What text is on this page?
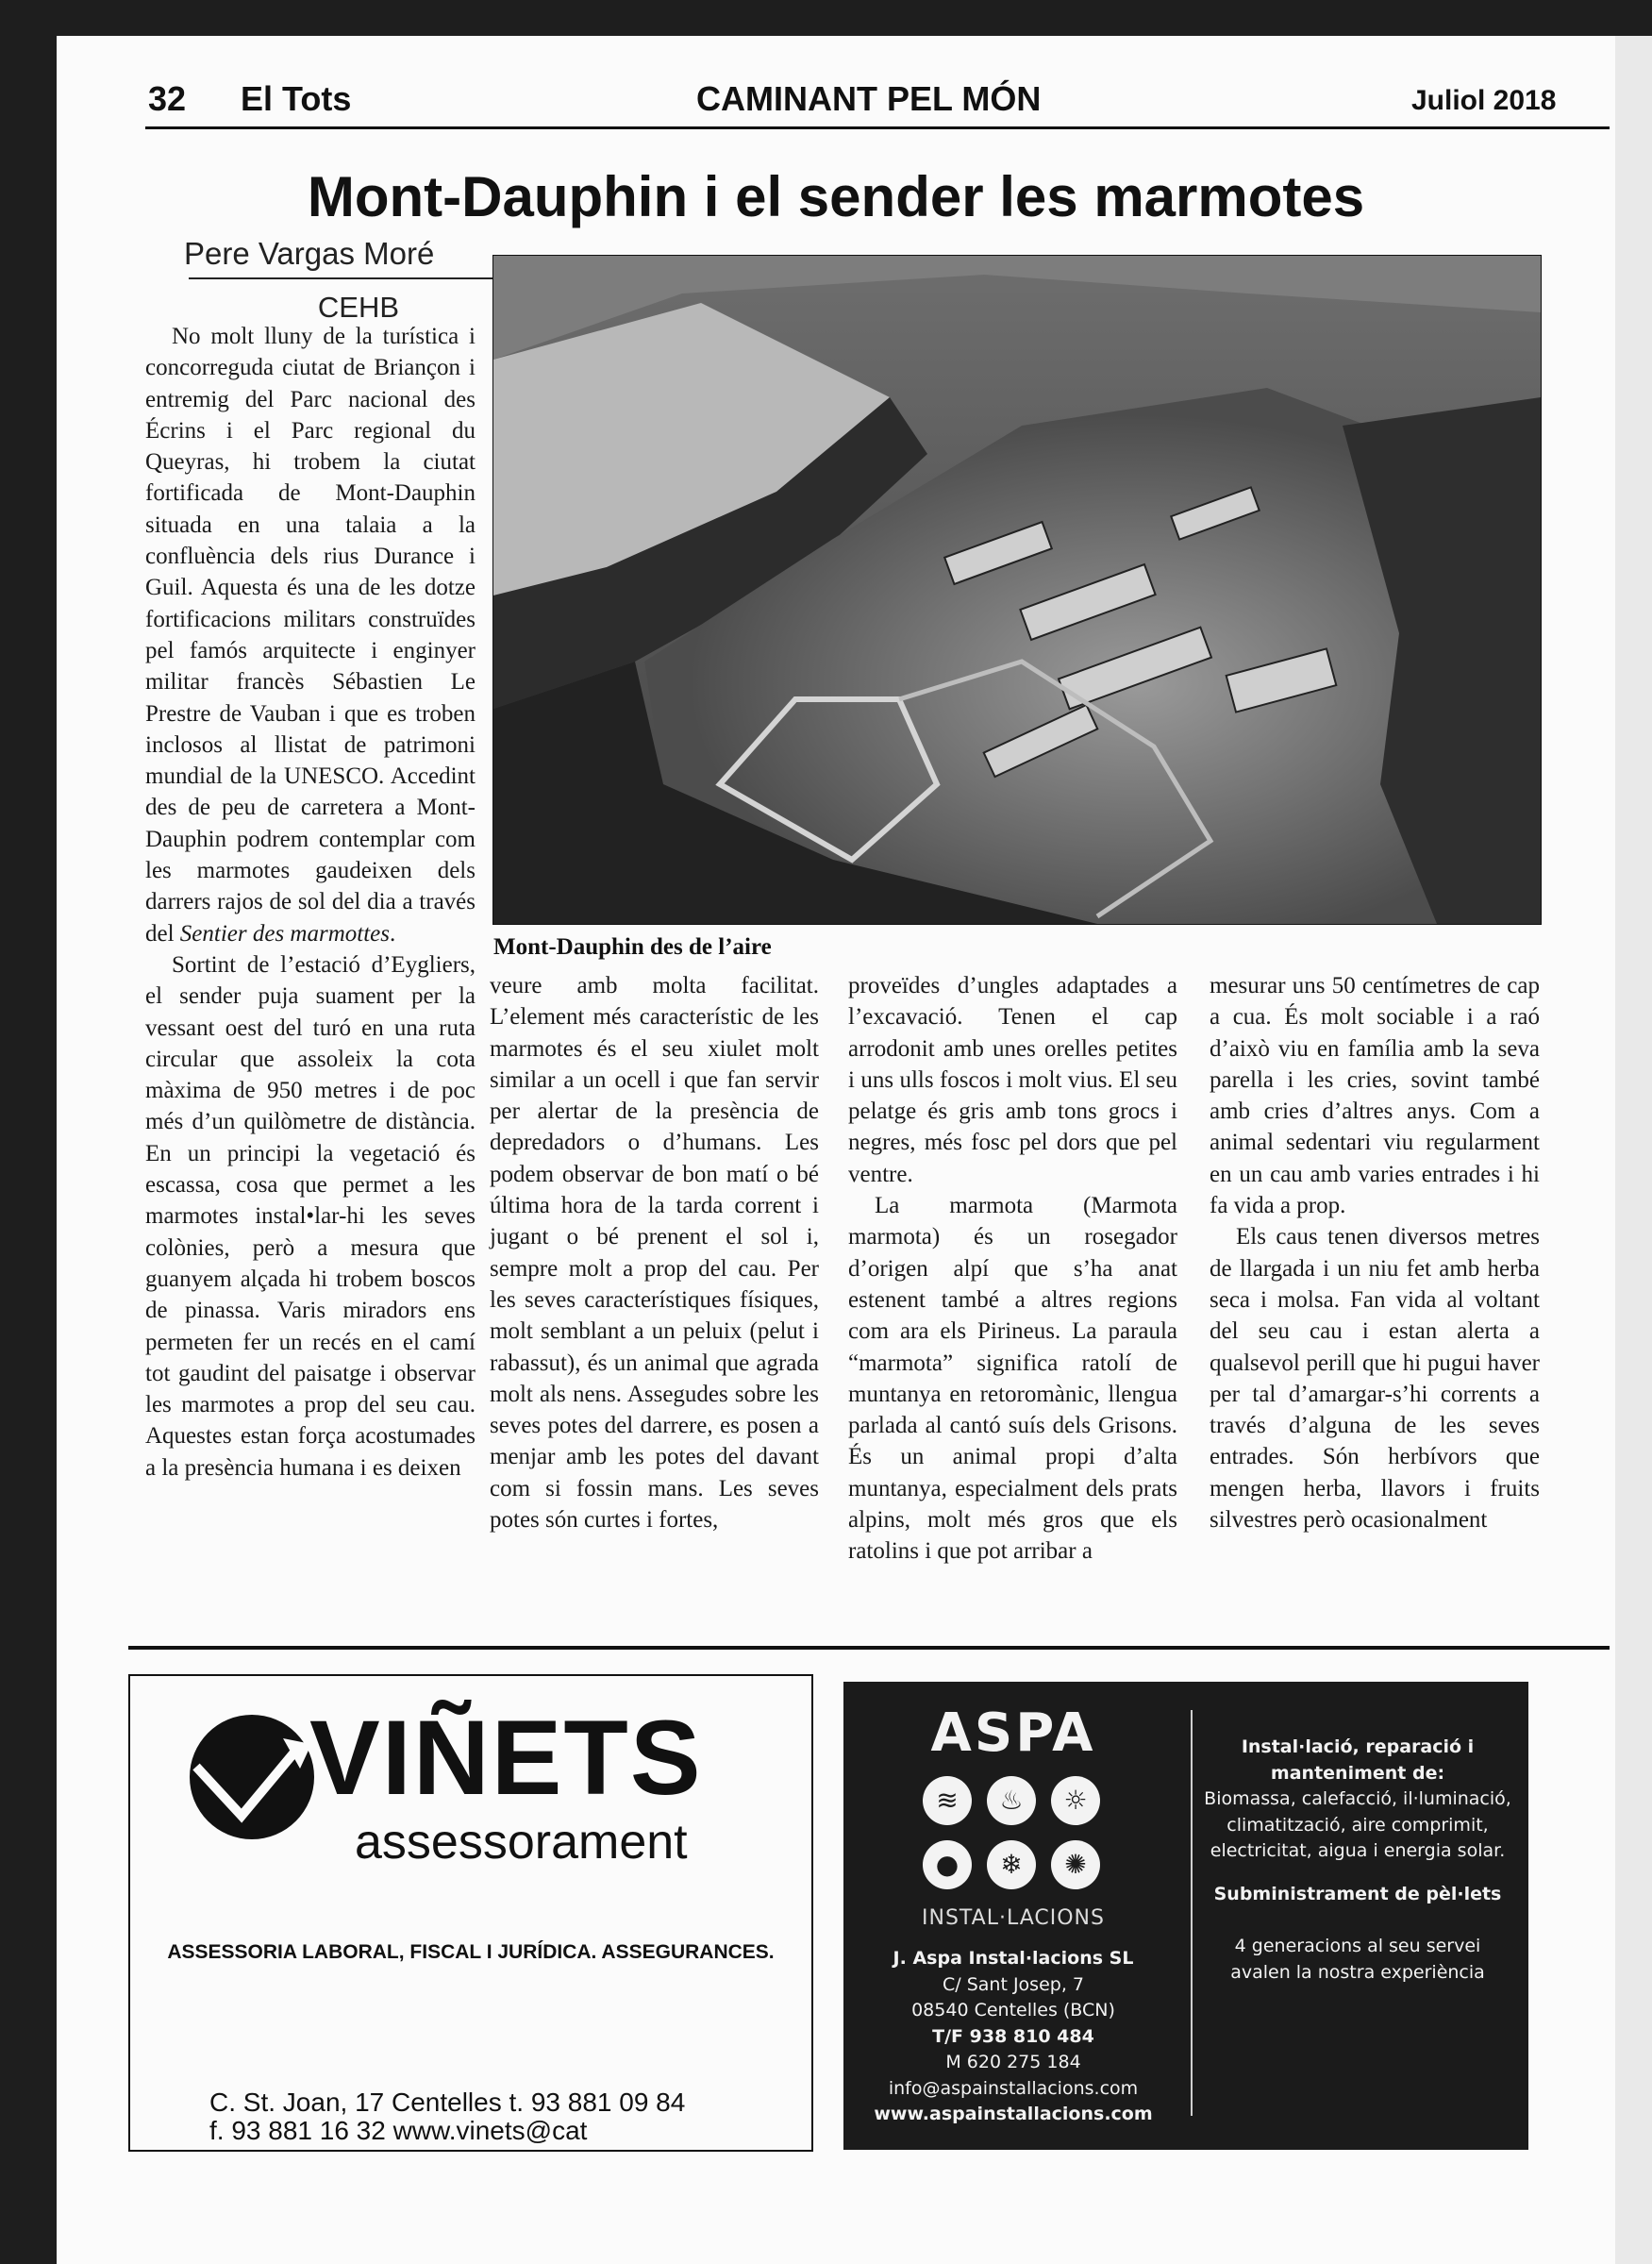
32 El Tots	CAMINANT PEL MÓN	Juliol 2018
Mont-Dauphin i el sender les marmotes
Pere Vargas Moré
CEHB

No molt lluny de la turística i concorreguda ciutat de Briançon i entremig del Parc nacional des Écrins i el Parc regional du Queyras, hi trobem la ciutat fortificada de Mont-Dauphin situada en una talaia a la confluència dels rius Durance i Guil. Aquesta és una de les dotze fortificacions militars construïdes pel famós arquitecte i enginyer militar francès Sébastien Le Prestre de Vauban i que es troben inclosos al llistat de patrimoni mundial de la UNESCO. Accedint des de peu de carretera a Mont-Dauphin podrem contemplar com les marmotes gaudeixen dels darrers rajos de sol del dia a través del Sentier des marmottes.

Sortint de l’estació d’Eygliers, el sender puja suament per la vessant oest del turó en una ruta circular que assoleix la cota màxima de 950 metres i de poc més d’un quilòmetre de distància. En un principi la vegetació és escassa, cosa que permet a les marmotes instal•lar-hi les seves colònies, però a mesura que guanyem alçada hi trobem boscos de pinassa. Varis miradors ens permeten fer un recés en el camí tot gaudint del paisatge i observar les marmotes a prop del seu cau. Aquestes estan força acostumades a la presència humana i es deixen

Mont-Dauphin des de l’aire

veure amb molta facilitat. L’element més característic de les marmotes és el seu xiulet molt similar a un ocell i que fan servir per alertar de la presència de depredadors o d’humans. Les podem observar de bon matí o bé última hora de la tarda corrent i jugant o bé prenent el sol i, sempre molt a prop del cau. Per les seves característiques físiques, molt semblant a un peluix (pelut i rabassut), és un animal que agrada molt als nens. Assegudes sobre les seves potes del darrere, es posen a menjar amb les potes del davant com si fossin mans. Les seves potes són curtes i fortes,

proveïdes d’ungles adaptades a l’excavació. Tenen el cap arrodonit amb unes orelles petites i uns ulls foscos i molt vius. El seu pelatge és gris amb tons grocs i negres, més fosc pel dors que pel ventre.

La marmota (Marmota marmota) és un rosegador d’origen alpí que s’ha anat estenent també a altres regions com ara els Pirineus. La paraula “marmota” significa ratolí de muntanya en retoromànic, llengua parlada al cantó suís dels Grisons. És un animal propi d’alta muntanya, especialment dels prats alpins, molt més gros que els ratolins i que pot arribar a

mesurar uns 50 centímetres de cap a cua. És molt sociable i a raó d’això viu en família amb la seva parella i les cries, sovint també amb cries d’altres anys. Com a animal sedentari viu regularment en un cau amb varies entrades i hi fa vida a prop.

Els caus tenen diversos metres de llargada i un niu fet amb herba seca i molsa. Fan vida al voltant del seu cau i estan alerta a qualsevol perill que hi pugui haver per tal d’amargar-s’hi corrents a través d’alguna de les seves entrades. Són herbívors que mengen herba, llavors i fruits silvestres però ocasionalment

VIÑETS
assessorament
ASSESSORIA LABORAL, FISCAL I JURÍDICA. ASSEGURANCES.
C. St. Joan, 17 Centelles t. 93 881 09 84
f. 93 881 16 32 www.vinets@cat
ASPA
≋	♨	☼
●	❄	✺
INSTAL·LACIONS
J. Aspa Instal·lacions SL
C/ Sant Josep, 7
08540 Centelles (BCN)
T/F 938 810 484
M 620 275 184
info@aspainstallacions.com
www.aspainstallacions.com
Instal·lació, reparació i manteniment de:
Biomassa, calefacció, il·luminació, climatització, aire comprimit, electricitat, aigua i energia solar.
Subministrament de pèl·lets
4 generacions al seu servei avalen la nostra experiència
